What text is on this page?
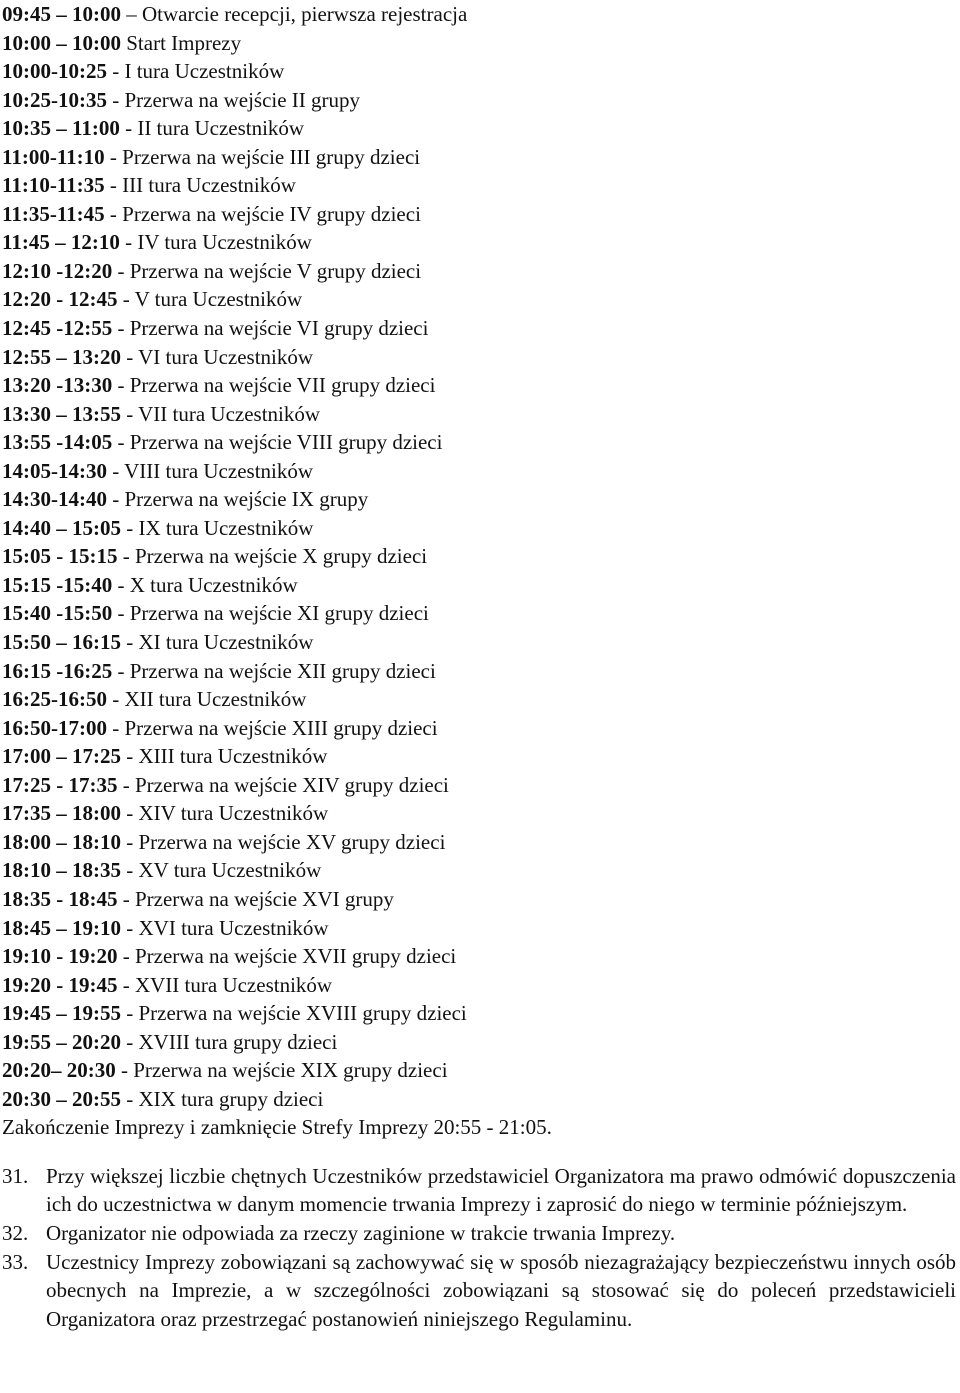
09:45 – 10:00 – Otwarcie recepcji, pierwsza rejestracja
10:00 – 10:00 Start Imprezy
10:00-10:25 - I tura Uczestników
10:25-10:35 - Przerwa na wejście II grupy
10:35 – 11:00 - II tura Uczestników
11:00-11:10 - Przerwa na wejście III grupy dzieci
11:10-11:35 - III tura Uczestników
11:35-11:45 - Przerwa na wejście IV grupy dzieci
11:45 – 12:10 - IV tura Uczestników
12:10 -12:20 - Przerwa na wejście V grupy dzieci
12:20 - 12:45 - V tura Uczestników
12:45 -12:55 - Przerwa na wejście VI grupy dzieci
12:55 – 13:20 - VI tura Uczestników
13:20 -13:30 - Przerwa na wejście VII grupy dzieci
13:30 – 13:55 - VII tura Uczestników
13:55 -14:05 - Przerwa na wejście VIII grupy dzieci
14:05-14:30 - VIII tura Uczestników
14:30-14:40 - Przerwa na wejście IX grupy
14:40 – 15:05 - IX tura Uczestników
15:05 - 15:15 - Przerwa na wejście X grupy dzieci
15:15 -15:40 - X tura Uczestników
15:40 -15:50 - Przerwa na wejście XI grupy dzieci
15:50 – 16:15 - XI tura Uczestników
16:15 -16:25 - Przerwa na wejście XII grupy dzieci
16:25-16:50 - XII tura Uczestników
16:50-17:00 - Przerwa na wejście XIII grupy dzieci
17:00 – 17:25 - XIII tura Uczestników
17:25 - 17:35 - Przerwa na wejście XIV grupy dzieci
17:35 – 18:00 - XIV tura Uczestników
18:00 – 18:10 - Przerwa na wejście XV grupy dzieci
18:10 – 18:35 - XV tura Uczestników
18:35 - 18:45 - Przerwa na wejście XVI grupy
18:45 – 19:10 - XVI tura Uczestników
19:10 - 19:20 - Przerwa na wejście XVII grupy dzieci
19:20 - 19:45 - XVII tura Uczestników
19:45 – 19:55 - Przerwa na wejście XVIII grupy dzieci
19:55 – 20:20 - XVIII tura grupy dzieci
20:20– 20:30 - Przerwa na wejście XIX grupy dzieci
20:30 – 20:55 - XIX tura grupy dzieci
Zakończenie Imprezy i zamknięcie Strefy Imprezy 20:55 - 21:05.
31. Przy większej liczbie chętnych Uczestników przedstawiciel Organizatora ma prawo odmówić dopuszczenia ich do uczestnictwa w danym momencie trwania Imprezy i zaprosić do niego w terminie późniejszym.
32. Organizator nie odpowiada za rzeczy zaginione w trakcie trwania Imprezy.
33. Uczestnicy Imprezy zobowiązani są zachowywać się w sposób niezagrażający bezpieczeństwu innych osób obecnych na Imprezie, a w szczególności zobowiązani są stosować się do poleceń przedstawicieli Organizatora oraz przestrzegać postanowień niniejszego Regulaminu.
